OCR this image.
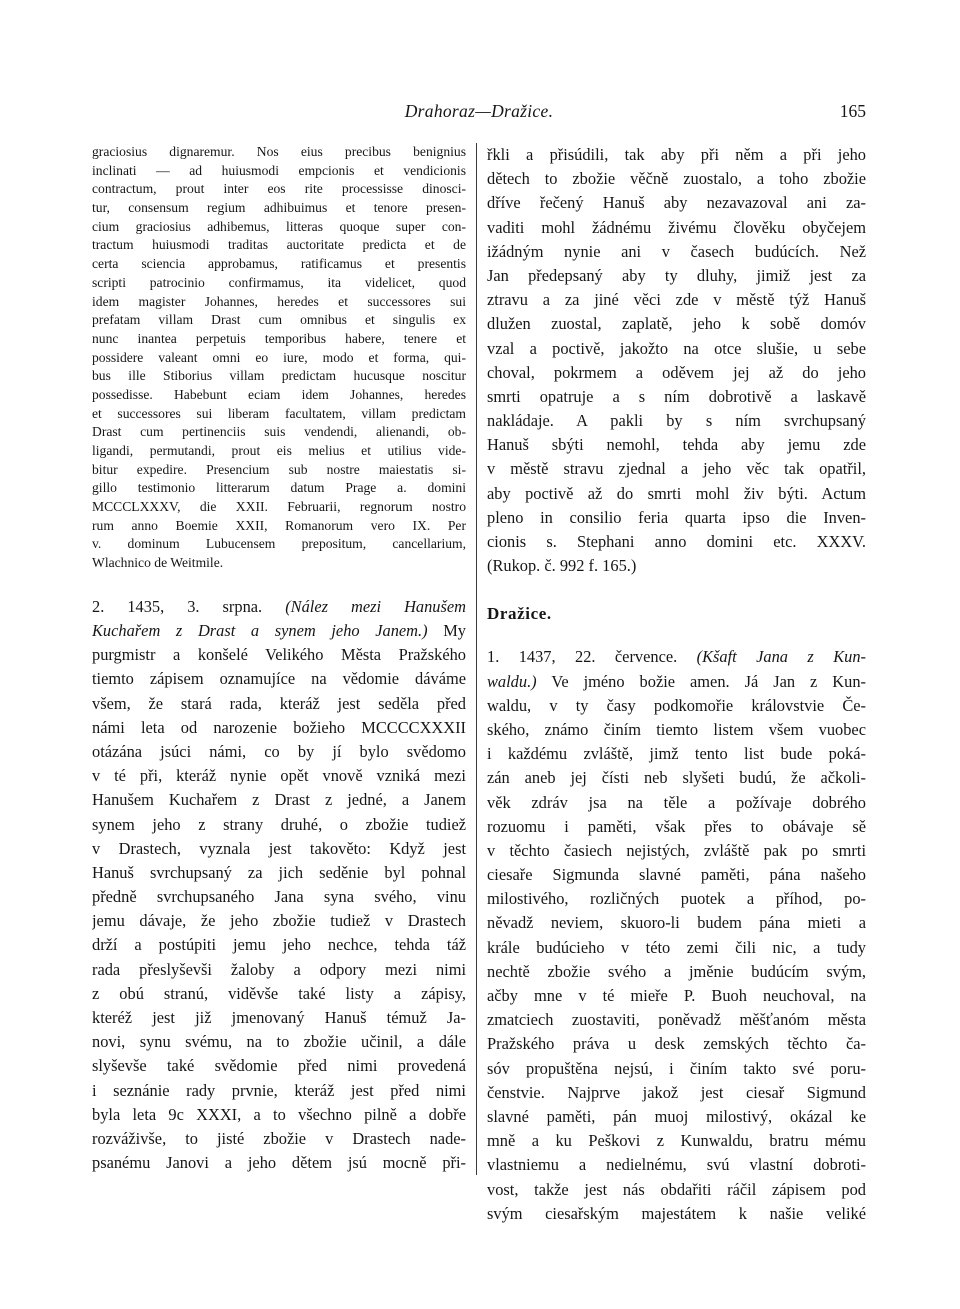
Drahoraz—Dražice.	165
graciosius dignaremur. Nos eius precibus benignius
inclinati — ad huiusmodi empcionis et vendicionis
contractum, prout inter eos rite processisse dinosci-
tur, consensum regium adhibuimus et tenore presen-
cium graciosius adhibemus, litteras quoque super con-
tractum huiusmodi traditas auctoritate predicta et de
certa sciencia approbamus, ratificamus et presentis
scripti patrocinio confirmamus, ita videlicet, quod
idem magister Johannes, heredes et successores sui
prefatam villam Drast cum omnibus et singulis ex
nunc inantea perpetuis temporibus habere, tenere et
possidere valeant omni eo iure, modo et forma, qui-
bus ille Stiborius villam predictam hucusque noscitur
possedisse. Habebunt eciam idem Johannes, heredes
et successores sui liberam facultatem, villam predictam
Drast cum pertinenciis suis vendendi, alienandi, ob-
ligandi, permutandi, prout eis melius et utilius vide-
bitur expedire. Presencium sub nostre maiestatis si-
gillo testimonio litterarum datum Prage a. domini
MCCCLXXXV, die XXII. Februarii, regnorum nostro
rum anno Boemie XXII, Romanorum vero IX. Per
v. dominum Lubucensem prepositum, cancellarium,
Wlachnico de Weitmile.
2. 1435, 3. srpna. (Nález mezi Hanušem
Kuchařem z Drast a synem jeho Janem.) My
purgmistr a konšelé Velikého Města Pražského
tiemto zápisem oznamujíce na vědomie dáváme
všem, že stará rada, kteráž jest seděla před
námi leta od narozenie božieho MCCCCXXXII
otázána jsúci námi, co by jí bylo svědomo
v té při, kteráž nynie opět vnově vzniká mezi
Hanušem Kuchařem z Drast z jedné, a Janem
synem jeho z strany druhé, o zbožie tudiež
v Drastech, vyznala jest takověto: Když jest
Hanuš svrchupsaný za jich seděnie byl pohnal
předně svrchupsaného Jana syna svého, vinu
jemu dávaje, že jeho zbožie tudiež v Drastech
drží a postúpiti jemu jeho nechce, tehda táž
rada přeslyševši žaloby a odpory mezi nimi
z obú stranú, viděvše také listy a zápisy,
kteréž jest již jmenovaný Hanuš témuž Ja-
novi, synu svému, na to zbožie učinil, a dále
slyševše také svědomie před nimi provedená
i seznánie rady prvnie, kteráž jest před nimi
byla leta 9c XXXI, a to všechno pilně a dobře
rozváživše, to jisté zbožie v Drastech nade-
psanému Janovi a jeho dětem jsú mocně při-
řkli a přisúdili, tak aby při něm a při jeho
dětech to zbožie věčně zuostalo, a toho zbožie
dříve řečený Hanuš aby nezavazoval ani za-
vaditi mohl žádnému živému člověku obyčejem
ižádným nynie ani v časech budúcích. Než
Jan předepsaný aby ty dluhy, jimiž jest za
ztravu a za jiné věci zde v městě týž Hanuš
dlužen zuostal, zaplatě, jeho k sobě domóv
vzal a poctivě, jakožto na otce slušie, u sebe
choval, pokrmem a oděvem jej až do jeho
smrti opatruje a s ním dobrotivě a laskavě
nakládaje. A pakli by s ním svrchupsaný
Hanuš sbýti nemohl, tehda aby jemu zde
v městě stravu zjednal a jeho věc tak opatřil,
aby poctivě až do smrti mohl živ býti. Actum
pleno in consilio feria quarta ipso die Inven-
cionis s. Stephani anno domini etc. XXXV.
(Rukop. č. 992 f. 165.)
Dražice.
1. 1437, 22. července. (Kšaft Jana z Kun-
waldu.) Ve jméno božie amen. Já Jan z Kun-
waldu, v ty časy podkomořie královstvie Če-
ského, známo činím tiemto listem všem vuobec
i každému zvláště, jimž tento list bude poká-
zán aneb jej čísti neb slyšeti budú, že ačkoli-
věk zdráv jsa na těle a požívaje dobrého
rozuomu i paměti, však přes to obávaje sě
v těchto časiech nejistých, zvláště pak po smrti
ciesaře Sigmunda slavné paměti, pána našeho
milostivého, rozličných puotek a příhod, po-
něvadž neviem, skuoro-li budem pána mieti a
krále budúcieho v této zemi čili nic, a tudy
nechtě zbožie svého a jměnie budúcím svým,
ačby mne v té mieře P. Buoh neuchoval, na
zmatciech zuostaviti, poněvadž měšťanóm města
Pražského práva u desk zemských těchto ča-
sóv propuštěna nejsú, i činím takto své poru-
čenstvie. Najprve jakož jest ciesař Sigmund
slavné paměti, pán muoj milostivý, okázal ke
mně a ku Peškovi z Kunwaldu, bratru mému
vlastniemu a nedielnému, svú vlastní dobroti-
vost, takže jest nás obdařiti ráčil zápisem pod
svým ciesařským majestátem k našie veliké
